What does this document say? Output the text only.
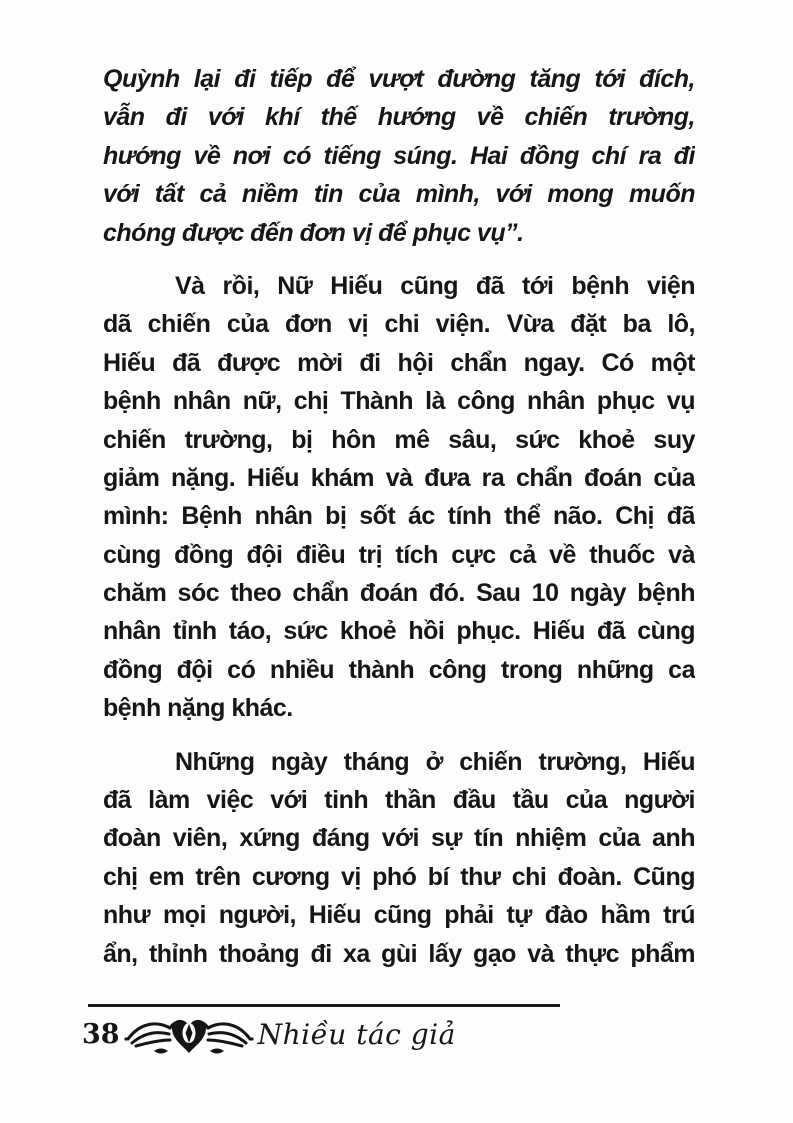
Quỳnh lại đi tiếp để vượt đường tăng tới đích,
vẫn đi với khí thế hướng về chiến trường,
hướng về nơi có tiếng súng. Hai đồng chí ra đi
với tất cả niềm tin của mình, với mong muốn
chóng được đến đơn vị để phục vụ”.
Và rồi, Nữ Hiếu cũng đã tới bệnh viện
dã chiến của đơn vị chi viện. Vừa đặt ba lô,
Hiếu đã được mời đi hội chẩn ngay. Có một
bệnh nhân nữ, chị Thành là công nhân phục vụ
chiến trường, bị hôn mê sâu, sức khoẻ suy
giảm nặng. Hiếu khám và đưa ra chẩn đoán của
mình: Bệnh nhân bị sốt ác tính thể não. Chị đã
cùng đồng đội điều trị tích cực cả về thuốc và
chăm sóc theo chẩn đoán đó. Sau 10 ngày bệnh
nhân tỉnh táo, sức khoẻ hồi phục. Hiếu đã cùng
đồng đội có nhiều thành công trong những ca
bệnh nặng khác.
Những ngày tháng ở chiến trường, Hiếu
đã làm việc với tinh thần đầu tầu của người
đoàn viên, xứng đáng với sự tín nhiệm của anh
chị em trên cương vị phó bí thư chi đoàn. Cũng
như mọi người, Hiếu cũng phải tự đào hầm trú
ẩn, thỉnh thoảng đi xa gùi lấy gạo và thực phẩm
38	Nhiều tác giả
